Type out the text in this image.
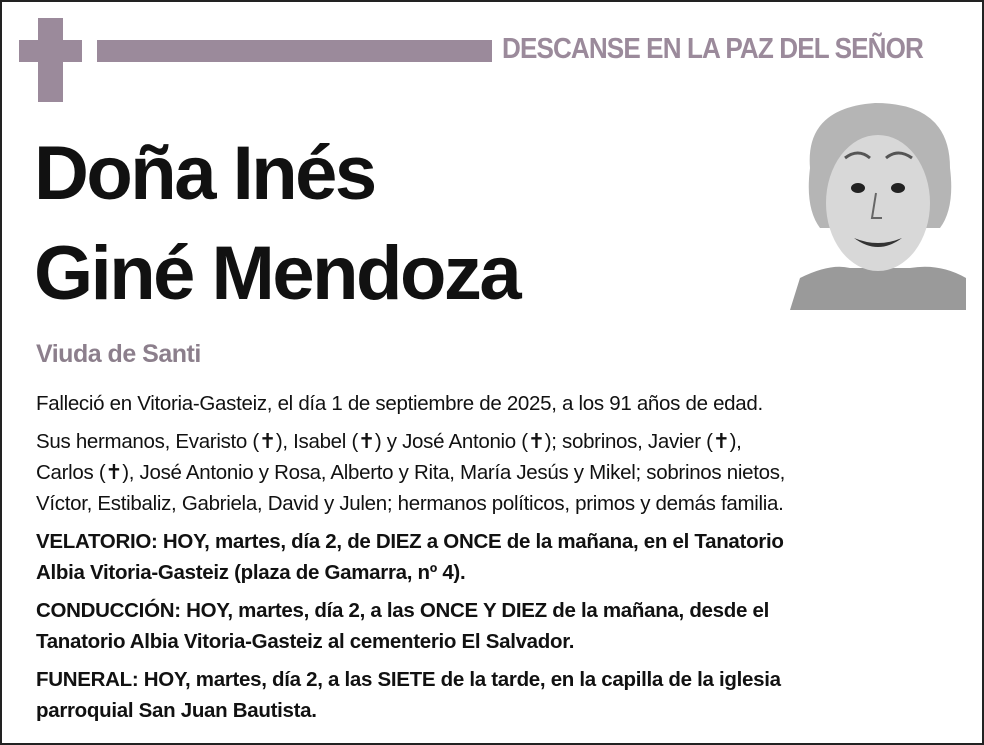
DESCANSE EN LA PAZ DEL SEÑOR
Doña Inés
Giné Mendoza
Viuda de Santi
Falleció en Vitoria-Gasteiz, el día 1 de septiembre de 2025, a los 91 años de edad.
Sus hermanos, Evaristo (✝), Isabel (✝) y José Antonio (✝); sobrinos, Javier (✝),
Carlos (✝), José Antonio y Rosa, Alberto y Rita, María Jesús y Mikel; sobrinos nietos,
Víctor, Estibaliz, Gabriela, David y Julen; hermanos políticos, primos y demás familia.
VELATORIO: HOY, martes, día 2, de DIEZ a ONCE de la mañana, en el Tanatorio
Albia Vitoria-Gasteiz (plaza de Gamarra, nº 4).
CONDUCCIÓN: HOY, martes, día 2, a las ONCE Y DIEZ de la mañana, desde el
Tanatorio Albia Vitoria-Gasteiz al cementerio El Salvador.
FUNERAL: HOY, martes, día 2, a las SIETE de la tarde, en la capilla de la iglesia
parroquial San Juan Bautista.
